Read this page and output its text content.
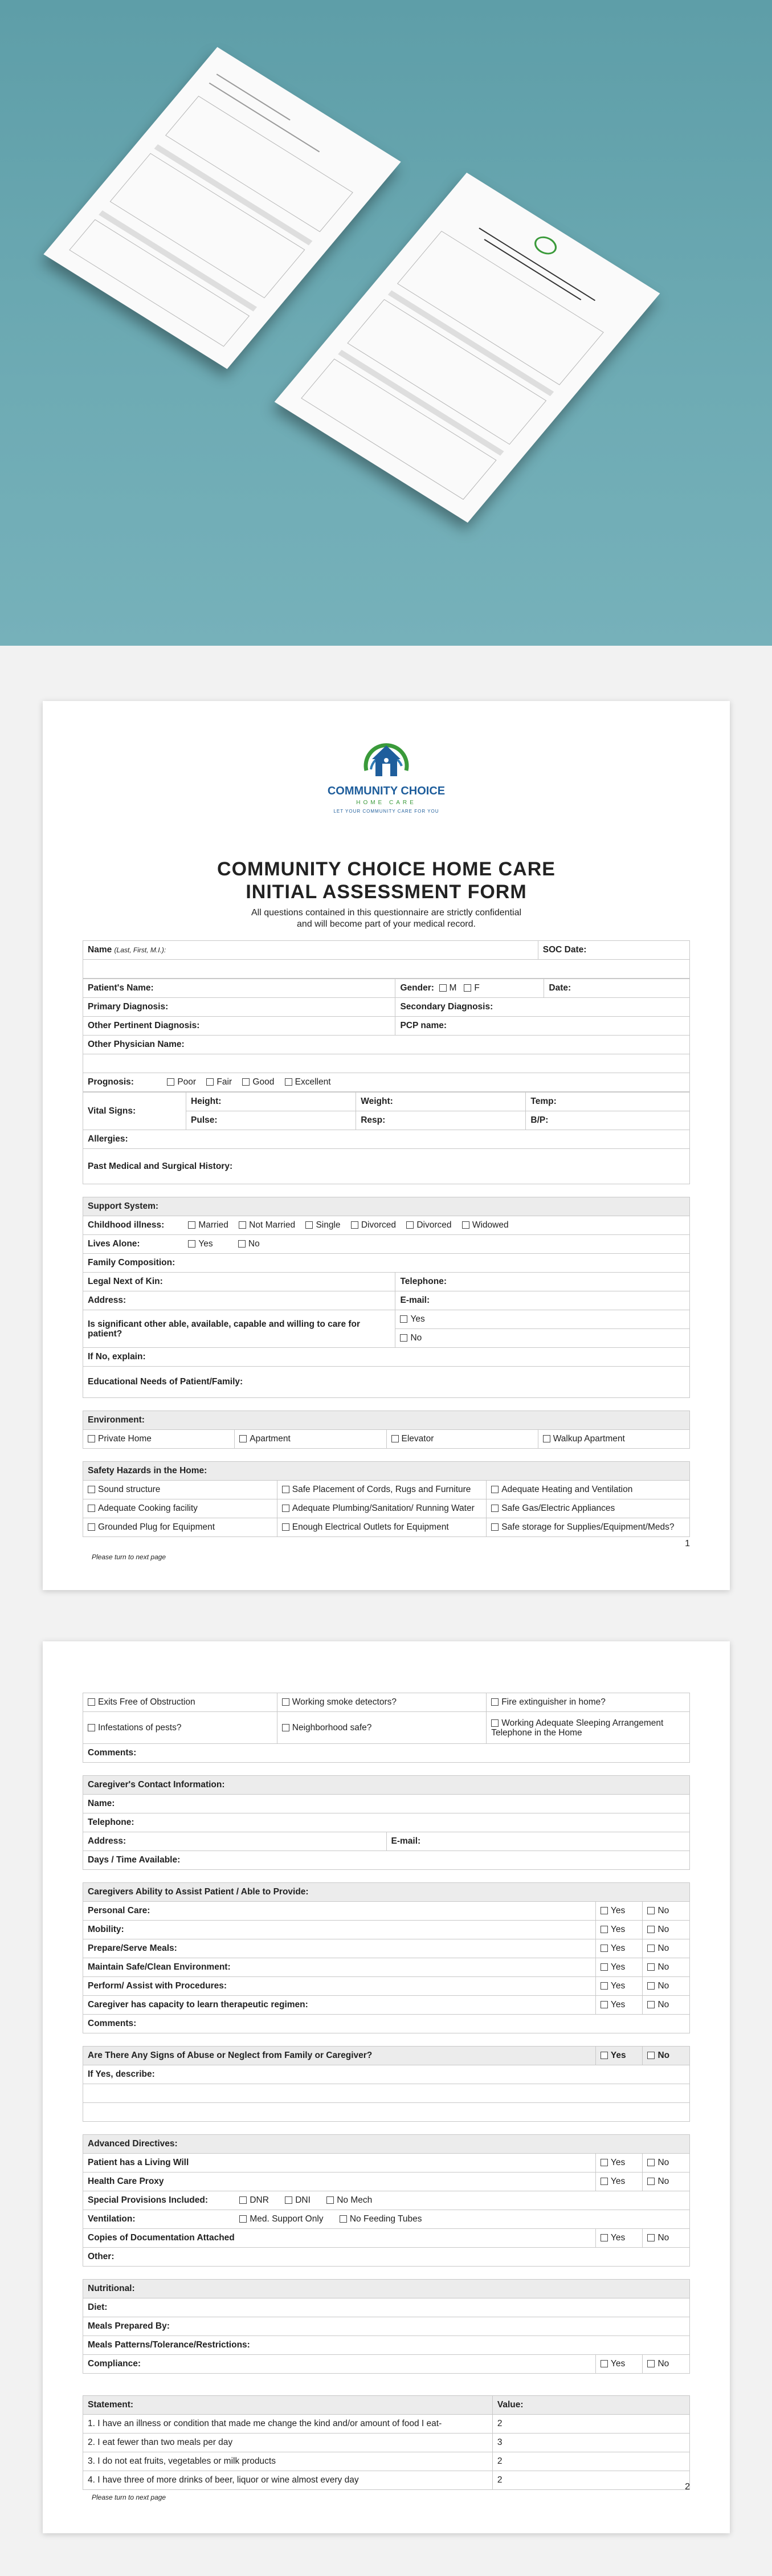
COMMUNITY CHOICE
HOME CARE
LET YOUR COMMUNITY CARE FOR YOU
COMMUNITY CHOICE HOME CARE
INITIAL ASSESSMENT FORM
All questions contained in this questionnaire are strictly confidential
and will become part of your medical record.
Name (Last, First, M.I.):	SOC Date:

Patient's Name:	Gender: M F	Date:
Primary Diagnosis:	Secondary Diagnosis:	
Other Pertinent Diagnosis:	PCP name:	
Other Physician Name:		

Prognosis: Poor Fair Good Excellent		
Vital Signs:	Height:	Weight:	Temp:
	Pulse:	Resp:	B/P:
Allergies:			
Past Medical and Surgical History:			
Support System:	
Childhood illness: Married Not Married Single Divorced Divorced Widowed	
Lives Alone: Yes No	
Family Composition:	
Legal Next of Kin:	Telephone:
Address:	E-mail:
Is significant other able, available, capable and willing to care for patient?	Yes
	No
If No, explain:	
Educational Needs of Patient/Family:	
Environment:
Private Home	Apartment	Elevator	Walkup Apartment
Safety Hazards in the Home:		
Sound structure	Safe Placement of Cords, Rugs and Furniture	Adequate Heating and Ventilation
Adequate Cooking facility	Adequate Plumbing/Sanitation/ Running Water	Safe Gas/Electric Appliances
Grounded Plug for Equipment	Enough Electrical Outlets for Equipment	Safe storage for Supplies/Equipment/Meds?
1
Please turn to next page
Exits Free of Obstruction	Working smoke detectors?	Fire extinguisher in home?
Infestations of pests?	Neighborhood safe?	Working Adequate Sleeping Arrangement Telephone in the Home
Comments:		
Caregiver's Contact Information:
Name:
Telephone:
Address:	E-mail:
Days / Time Available:
Caregivers Ability to Assist Patient / Able to Provide:		
Personal Care:	Yes	No
Mobility:	Yes	No
Prepare/Serve Meals:	Yes	No
Maintain Safe/Clean Environment:	Yes	No
Perform/ Assist with Procedures:	Yes	No
Caregiver has capacity to learn therapeutic regimen:	Yes	No
Comments:		
Are There Any Signs of Abuse or Neglect from Family or Caregiver?	Yes	No
If Yes, describe:

Advanced Directives:		
Patient has a Living Will	Yes	No
Health Care Proxy	Yes	No
Special Provisions Included: DNR DNI No Mech		
Ventilation: Med. Support Only No Feeding Tubes		
Copies of Documentation Attached	Yes	No
Other:		
Nutritional:
Diet:
Meals Prepared By:
Meals Patterns/Tolerance/Restrictions:
Compliance:	Yes	No
Statement:	Value:
1. I have an illness or condition that made me change the kind and/or amount of food I eat-	2
2. I eat fewer than two meals per day	3
3. I do not eat fruits, vegetables or milk products	2
4. I have three of more drinks of beer, liquor or wine almost every day	2
2
Please turn to next page
